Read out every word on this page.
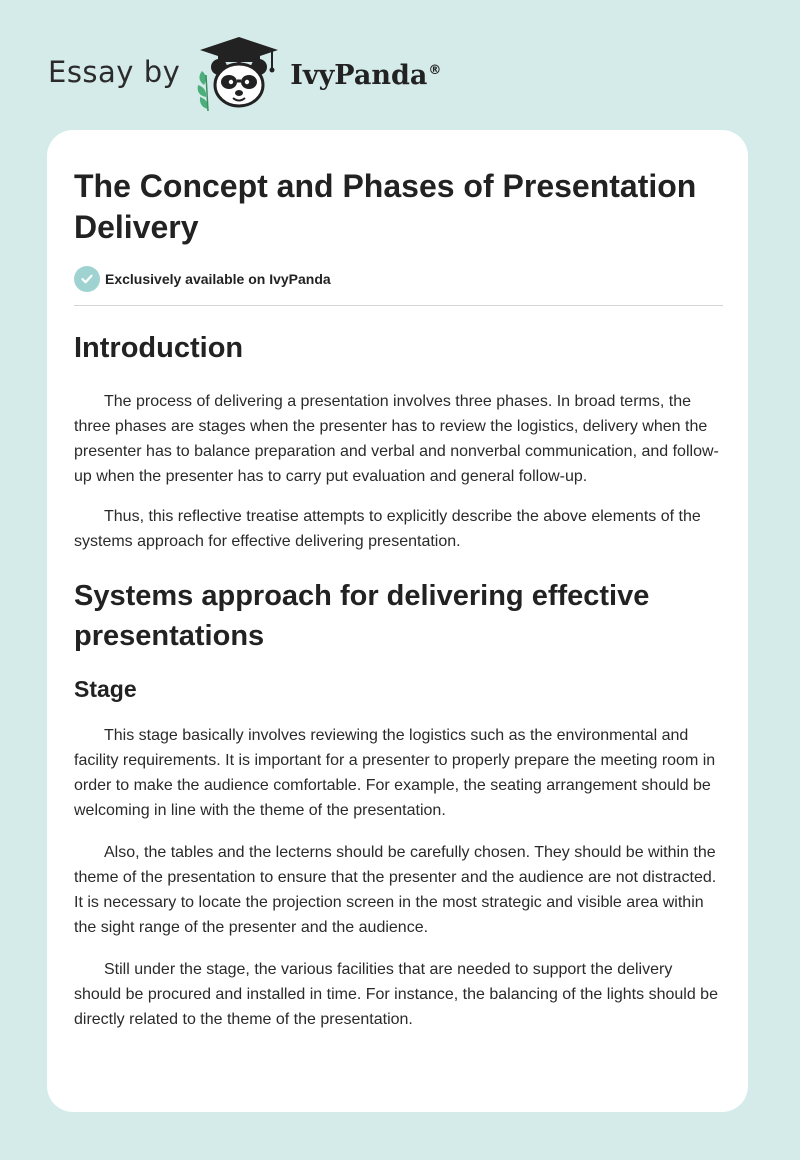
Essay by	IvyPanda®
The Concept and Phases of Presentation Delivery
Exclusively available on IvyPanda
Introduction

The process of delivering a presentation involves three phases. In broad terms, the three phases are stages when the presenter has to review the logistics, delivery when the presenter has to balance preparation and verbal and nonverbal communication, and follow-up when the presenter has to carry put evaluation and general follow-up.

Thus, this reflective treatise attempts to explicitly describe the above elements of the systems approach for effective delivering presentation.

Systems approach for delivering effective presentations
Stage

This stage basically involves reviewing the logistics such as the environmental and facility requirements. It is important for a presenter to properly prepare the meeting room in order to make the audience comfortable. For example, the seating arrangement should be welcoming in line with the theme of the presentation.

Also, the tables and the lecterns should be carefully chosen. They should be within the theme of the presentation to ensure that the presenter and the audience are not distracted. It is necessary to locate the projection screen in the most strategic and visible area within the sight range of the presenter and the audience.

Still under the stage, the various facilities that are needed to support the delivery should be procured and installed in time. For instance, the balancing of the lights should be directly related to the theme of the presentation.
